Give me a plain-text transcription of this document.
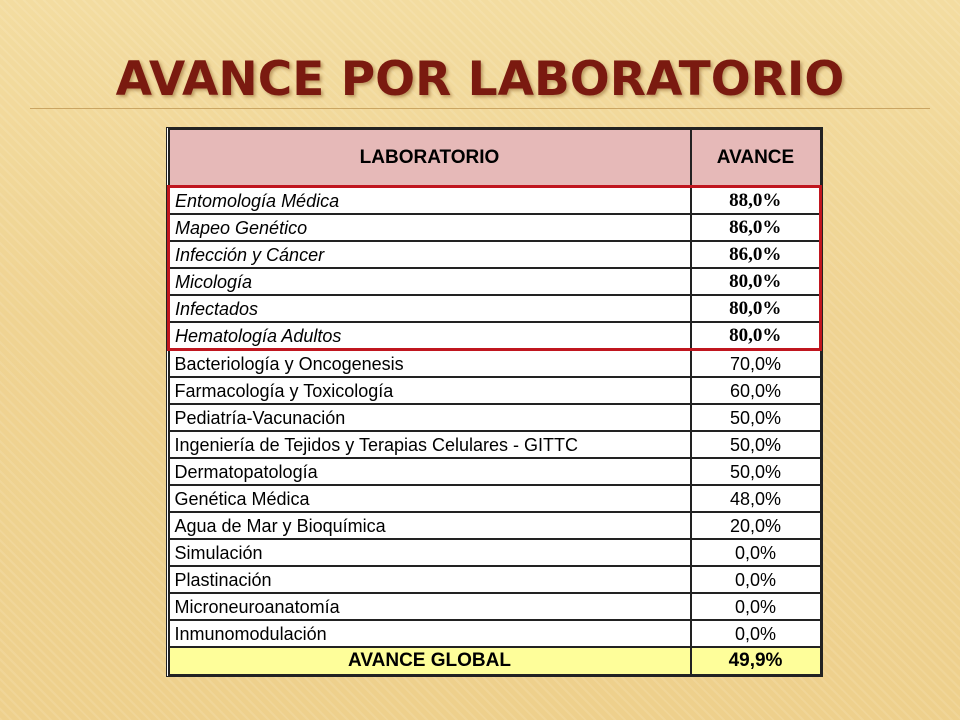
AVANCE POR LABORATORIO
LABORATORIO	AVANCE
Entomología Médica	88,0%
Mapeo Genético	86,0%
Infección y Cáncer	86,0%
Micología	80,0%
Infectados	80,0%
Hematología Adultos	80,0%
Bacteriología y Oncogenesis	70,0%
Farmacología y Toxicología	60,0%
Pediatría-Vacunación	50,0%
Ingeniería de Tejidos y Terapias Celulares - GITTC	50,0%
Dermatopatología	50,0%
Genética Médica	48,0%
Agua de Mar y Bioquímica	20,0%
Simulación	0,0%
Plastinación	0,0%
Microneuroanatomía	0,0%
Inmunomodulación	0,0%
AVANCE GLOBAL	49,9%
